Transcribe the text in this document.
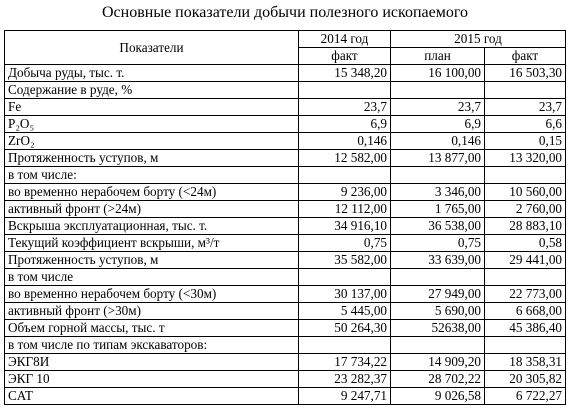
Основные показатели добычи полезного ископаемого
Показатели	2014 год	2015 год	
	факт	план	факт
Добыча руды, тыс. т.	15 348,20	16 100,00	16 503,30
Содержание в руде, %			
Fe	23,7	23,7	23,7
P₂O₅	6,9	6,9	6,6
ZrO₂	0,146	0,146	0,15
Протяженность уступов, м	12 582,00	13 877,00	13 320,00
в том числе:			
во временно нерабочем борту (<24м)	9 236,00	3 346,00	10 560,00
активный фронт (>24м)	12 112,00	1 765,00	2 760,00
Вскрыша эксплуатационная, тыс. т.	34 916,10	36 538,00	28 883,10
Текущий коэффициент вскрыши, м³/т	0,75	0,75	0,58
Протяженность уступов, м	35 582,00	33 639,00	29 441,00
в том числе			
во временно нерабочем борту (<30м)	30 137,00	27 949,00	22 773,00
активный фронт (>30м)	5 445,00	5 690,00	6 668,00
Объем горной массы, тыс. т	50 264,30	52638,00	45 386,40
в том числе по типам экскаваторов:			
ЭКГ8И	17 734,22	14 909,20	18 358,31
ЭКГ 10	23 282,37	28 702,22	20 305,82
CAT	9 247,71	9 026,58	6 722,27
